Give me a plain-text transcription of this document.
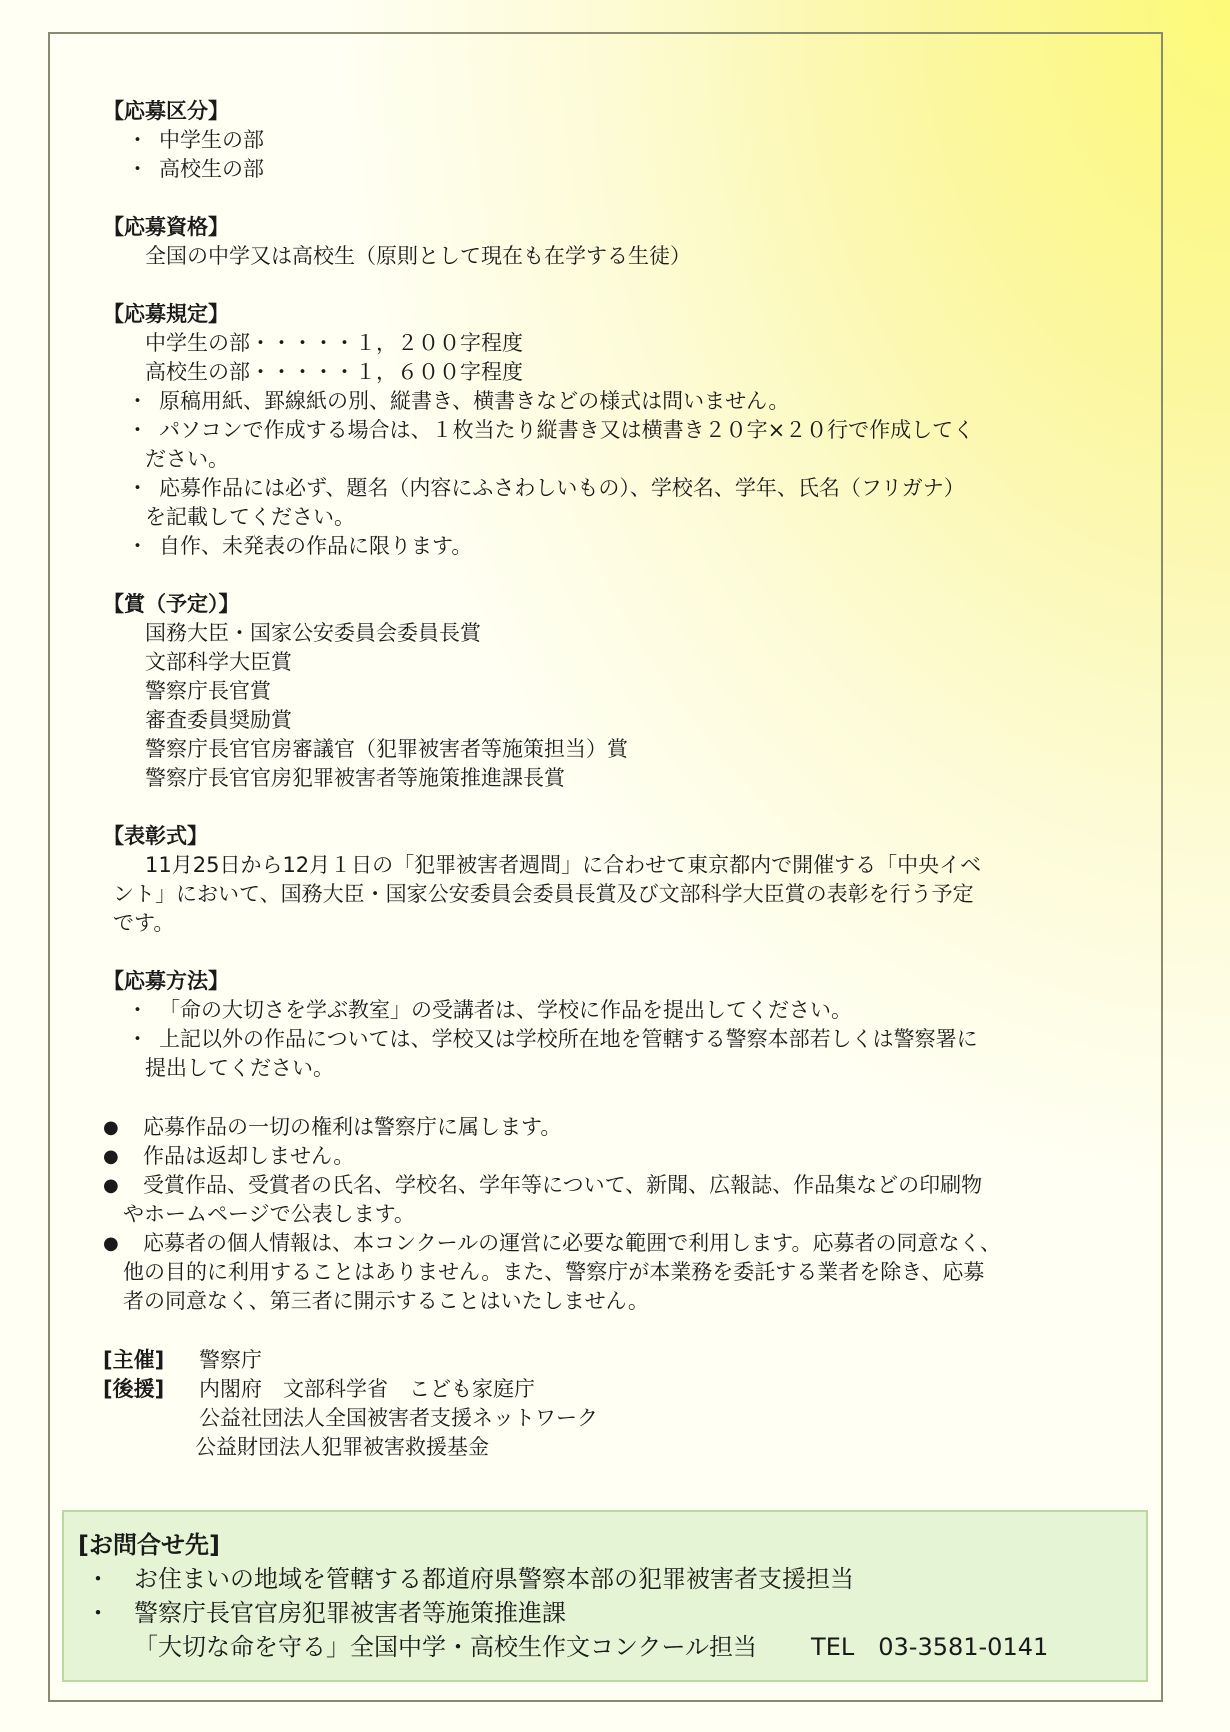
【応募区分】
・ 中学生の部
・ 高校生の部
【応募資格】
全国の中学又は高校生（原則として現在も在学する生徒）
【応募規定】
中学生の部・・・・・１，２００字程度
高校生の部・・・・・１，６００字程度
・ 原稿用紙、罫線紙の別、縦書き、横書きなどの様式は問いません。
・ パソコンで作成する場合は、１枚当たり縦書き又は横書き２０字×２０行で作成してく
ださい。
・ 応募作品には必ず、題名（内容にふさわしいもの）、学校名、学年、氏名（フリガナ）
を記載してください。
・ 自作、未発表の作品に限ります。
【賞（予定）】
国務大臣・国家公安委員会委員長賞
文部科学大臣賞
警察庁長官賞
審査委員奨励賞
警察庁長官官房審議官（犯罪被害者等施策担当）賞
警察庁長官官房犯罪被害者等施策推進課長賞
【表彰式】
11月25日から12月１日の「犯罪被害者週間」に合わせて東京都内で開催する「中央イベ
ント」において、国務大臣・国家公安委員会委員長賞及び文部科学大臣賞の表彰を行う予定
です。
【応募方法】
・ 「命の大切さを学ぶ教室」の受講者は、学校に作品を提出してください。
・ 上記以外の作品については、学校又は学校所在地を管轄する警察本部若しくは警察署に
提出してください。
●	応募作品の一切の権利は警察庁に属します。
●	作品は返却しません。
●	受賞作品、受賞者の氏名、学校名、学年等について、新聞、広報誌、作品集などの印刷物
やホームページで公表します。
●	応募者の個人情報は、本コンクールの運営に必要な範囲で利用します。応募者の同意なく、
他の目的に利用することはありません。また、警察庁が本業務を委託する業者を除き、応募
者の同意なく、第三者に開示することはいたしません。
[主催]	警察庁
[後援]	内閣府　文部科学省　こども家庭庁
公益社団法人全国被害者支援ネットワーク
公益財団法人犯罪被害救援基金
[お問合せ先]
・	お住まいの地域を管轄する都道府県警察本部の犯罪被害者支援担当
・	警察庁長官官房犯罪被害者等施策推進課
「大切な命を守る」全国中学・高校生作文コンクール担当 TEL　03-3581-0141
